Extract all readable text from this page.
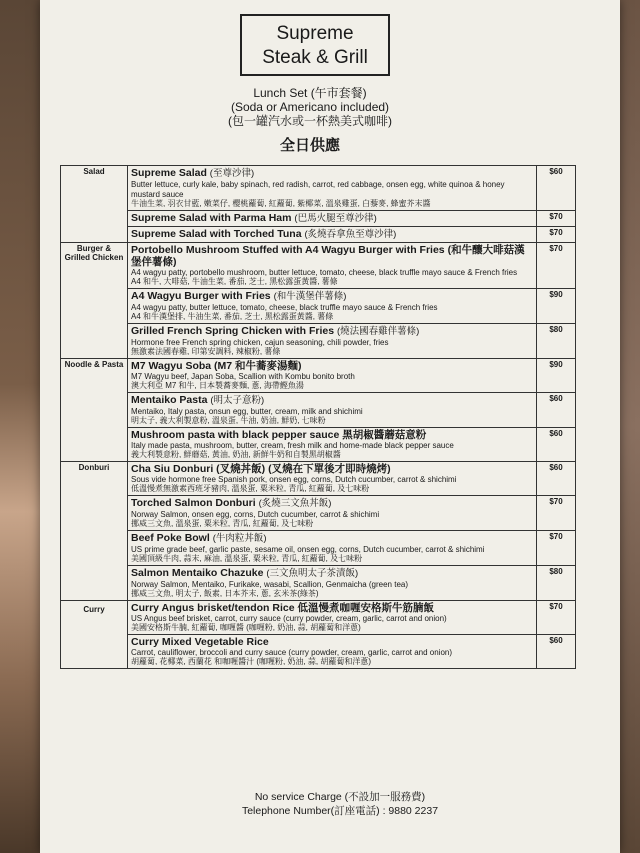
Supreme
Steak & Grill
Lunch Set (午市套餐)
(Soda or Americano included)
(包一罐汽水或一杯熱美式咖啡)
全日供應
Salad	Supreme Salad (至尊沙律)
Butter lettuce, curly kale, baby spinach, red radish, carrot, red cabbage, onsen egg, white quinoa & honey mustard sauce
牛油生菜, 羽衣甘藍, 嫩菜仔, 櫻桃蘿蔔, 紅蘿蔔, 紫椰菜, 溫泉雞蛋, 白藜麥, 蜂蜜芥末醬	$60
	Supreme Salad with Parma Ham (巴馬火腿至尊沙律)	$70
	Supreme Salad with Torched Tuna (炙燒吞拿魚至尊沙律)	$70
Burger & Grilled Chicken	Portobello Mushroom Stuffed with A4 Wagyu Burger with Fries (和牛釀大啡菇漢堡伴薯條)
A4 wagyu patty, portobello mushroom, butter lettuce, tomato, cheese, black truffle mayo sauce & French fries
A4 和牛, 大啡菇, 牛油生菜, 番茄, 芝士, 黑松露蛋黃醬, 薯條	$70
	A4 Wagyu Burger with Fries (和牛漢堡伴薯條)
A4 wagyu patty, butter lettuce, tomato, cheese, black truffle mayo sauce & French fries
A4 和牛漢堡排, 牛油生菜, 番茄, 芝士, 黑松露蛋黃醬, 薯條	$90
	Grilled French Spring Chicken with Fries (燒法國春雞伴薯條)
Hormone free French spring chicken, cajun seasoning, chili powder, fries
無激素法國春雞, 印第安調料, 辣椒粉, 薯條	$80
Noodle & Pasta	M7 Wagyu Soba (M7 和牛蕎麥湯麵)
M7 Wagyu beef, Japan Soba, Scallion with Kombu bonito broth
澳大利亞 M7 和牛, 日本製蕎麥麵, 蔥, 海帶鰹魚湯	$90
	Mentaiko Pasta (明太子意粉)
Mentaiko, Italy pasta, onsun egg, butter, cream, milk and shichimi
明太子, 義大利製意粉, 溫泉蛋, 牛油, 奶油, 鮮奶, 七味粉	$60
	Mushroom pasta with black pepper sauce 黑胡椒醬蘑菇意粉
Italy made pasta, mushroom, butter, cream, fresh milk and home-made black pepper sauce
義大利製意粉, 鮮蘑菇, 黃油, 奶油, 新鮮牛奶和自製黑胡椒醬	$60
Donburi	Cha Siu Donburi (叉燒丼飯) (叉燒在下單後才即時燒烤)
Sous vide hormone free Spanish pork, onsen egg, corns, Dutch cucumber, carrot & shichimi
低溫慢煮無激素西班牙豬肉, 溫泉蛋, 粟米粒, 青瓜, 紅蘿蔔, 及七味粉	$60
	Torched Salmon Donburi (炙燒三文魚丼飯)
Norway Salmon, onsen egg, corns, Dutch cucumber, carrot & shichimi
挪威三文魚, 溫泉蛋, 粟米粒, 青瓜, 紅蘿蔔, 及七味粉	$70
	Beef Poke Bowl (牛肉粒丼飯)
US prime grade beef, garlic paste, sesame oil, onsen egg, corns, Dutch cucumber, carrot & shichimi
美國頂級牛肉, 蒜末, 麻油, 溫泉蛋, 粟米粒, 青瓜, 紅蘿蔔, 及七味粉	$70
	Salmon Mentaiko Chazuke (三文魚明太子茶漬飯)
Norway Salmon, Mentaiko, Furikake, wasabi, Scallion, Genmaicha (green tea)
挪威三文魚, 明太子, 飯素, 日本芥末, 蔥, 玄米茶(綠茶)	$80
Curry	Curry Angus brisket/tendon Rice 低溫慢煮咖喱安格斯牛筋腩飯
US Angus beef brisket, carrot, curry sauce (curry powder, cream, garlic, carrot and onion)
美國安格斯牛腩, 紅蘿蔔, 咖喱醬 (咖喱粉, 奶油, 蒜, 胡蘿蔔和洋蔥)	$70
	Curry Mixed Vegetable Rice
Carrot, cauliflower, broccoli and curry sauce (curry powder, cream, garlic, carrot and onion)
胡蘿蔔, 花椰菜, 西蘭花 和咖喱醬汁 (咖喱粉, 奶油, 蒜, 胡蘿蔔和洋蔥)	$60
No service Charge (不設加一服務費)
Telephone Number(訂座電話) : 9880 2237
